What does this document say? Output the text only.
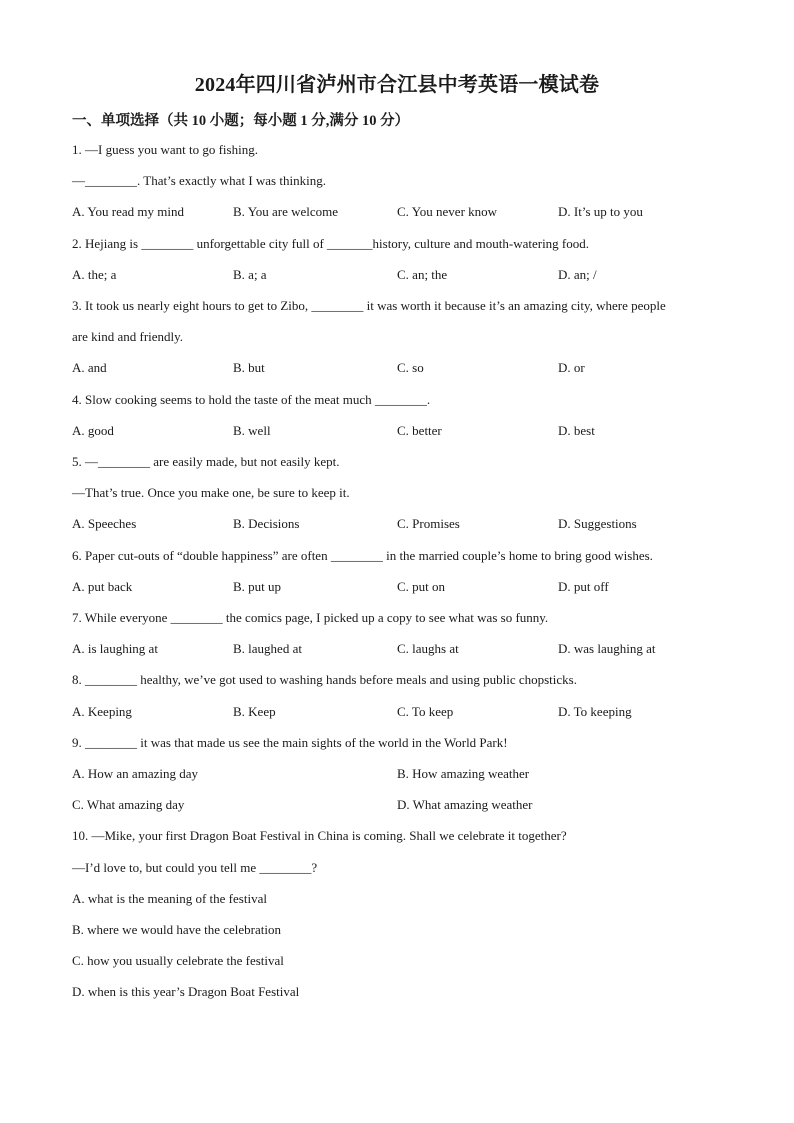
2024年四川省泸州市合江县中考英语一模试卷
一、单项选择（共 10 小题；每小题 1 分,满分 10 分）
1. —I guess you want to go fishing.
—________. That’s exactly what I was thinking.
A. You read my mind	B. You are welcome	C. You never know	D. It’s up to you
2. Hejiang is ________ unforgettable city full of _______history, culture and mouth-watering food.
A. the; a	B. a; a	C. an; the	D. an; /
3. It took us nearly eight hours to get to Zibo, ________ it was worth it because it’s an amazing city, where people
are kind and friendly.
A. and	B. but	C. so	D. or
4. Slow cooking seems to hold the taste of the meat much ________.
A. good	B. well	C. better	D. best
5. —________ are easily made, but not easily kept.
—That’s true. Once you make one, be sure to keep it.
A. Speeches	B. Decisions	C. Promises	D. Suggestions
6. Paper cut-outs of “double happiness” are often ________ in the married couple’s home to bring good wishes.
A. put back	B. put up	C. put on	D. put off
7. While everyone ________ the comics page, I picked up a copy to see what was so funny.
A. is laughing at	B. laughed at	C. laughs at	D. was laughing at
8. ________ healthy, we’ve got used to washing hands before meals and using public chopsticks.
A. Keeping	B. Keep	C. To keep	D. To keeping
9. ________ it was that made us see the main sights of the world in the World Park!
A. How an amazing day	B. How amazing weather
C. What amazing day	D. What amazing weather
10. —Mike, your first Dragon Boat Festival in China is coming. Shall we celebrate it together?
—I’d love to, but could you tell me ________?
A. what is the meaning of the festival
B. where we would have the celebration
C. how you usually celebrate the festival
D. when is this year’s Dragon Boat Festival
